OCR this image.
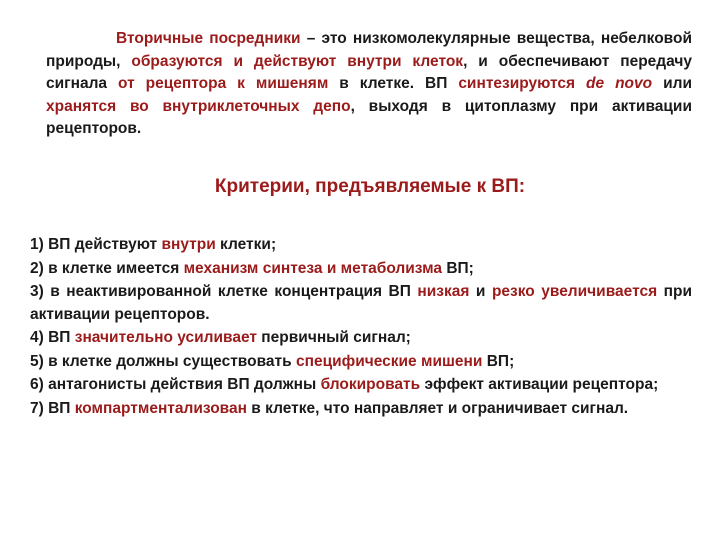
Вторичные посредники – это низкомолекулярные вещества, небелковой природы, образуются и действуют внутри клеток, и обеспечивают передачу сигнала от рецептора к мишеням в клетке. ВП синтезируются de novo или хранятся во внутриклеточных депо, выходя в цитоплазму при активации рецепторов.
Критерии, предъявляемые к ВП:

1) ВП действуют внутри клетки;

2) в клетке имеется механизм синтеза и метаболизма ВП;

3) в неактивированной клетке концентрация ВП низкая и резко увеличивается при активации рецепторов.

4) ВП значительно усиливает первичный сигнал;

5) в клетке должны существовать специфические мишени ВП;

6) антагонисты действия ВП должны блокировать эффект активации рецептора;

7) ВП компартментализован в клетке, что направляет и ограничивает сигнал.
